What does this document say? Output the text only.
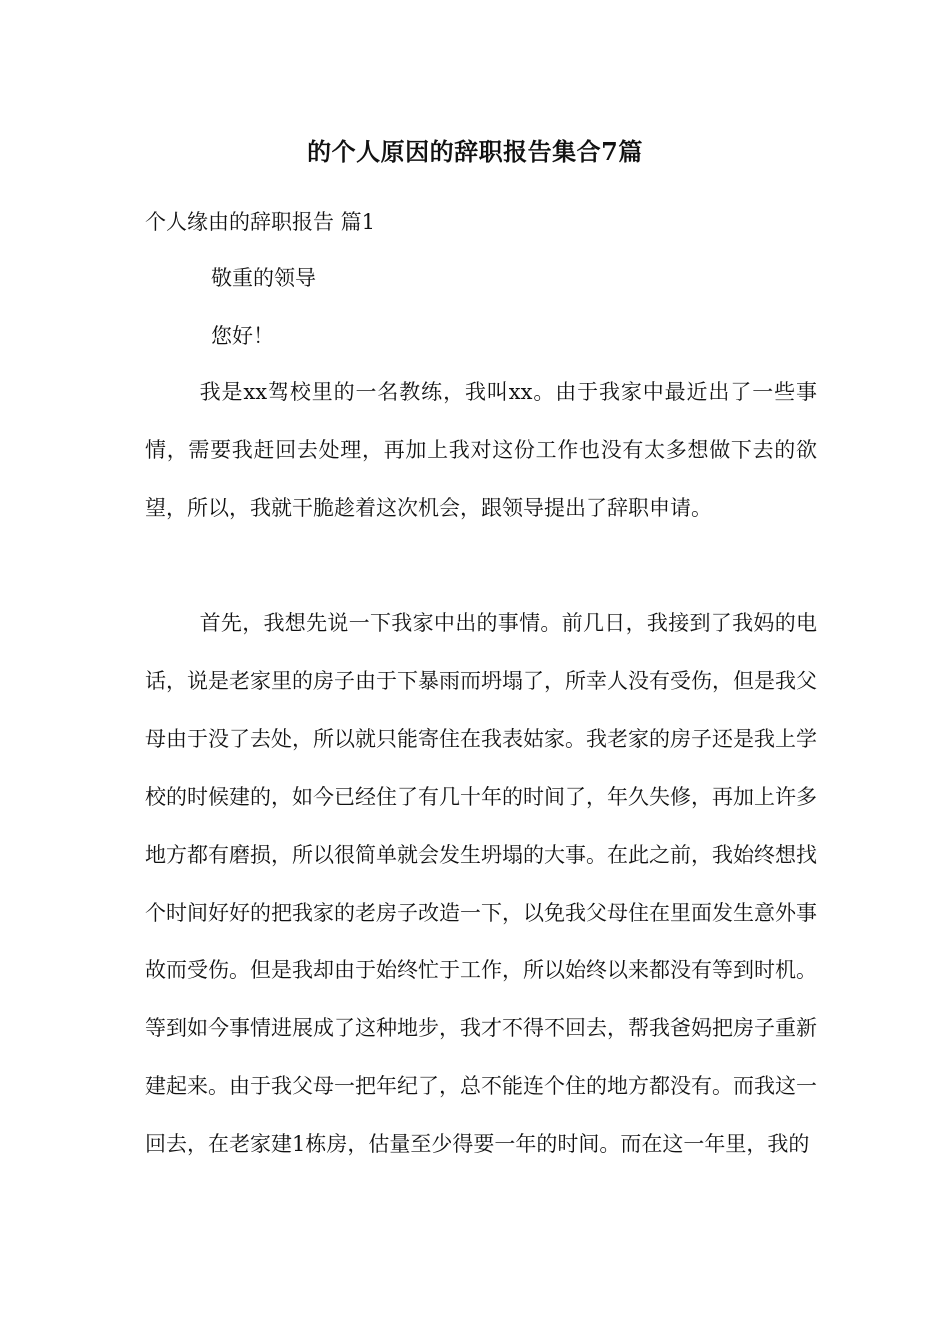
的个人原因的辞职报告集合7篇
个人缘由的辞职报告 篇1
敬重的领导
您好！

我是xx驾校里的一名教练，我叫xx。由于我家中最近出了一些事情，需要我赶回去处理，再加上我对这份工作也没有太多想做下去的欲望，所以，我就干脆趁着这次机会，跟领导提出了辞职申请。

首先，我想先说一下我家中出的事情。前几日，我接到了我妈的电话，说是老家里的房子由于下暴雨而坍塌了，所幸人没有受伤，但是我父母由于没了去处，所以就只能寄住在我表姑家。我老家的房子还是我上学校的时候建的，如今已经住了有几十年的时间了，年久失修，再加上许多地方都有磨损，所以很简单就会发生坍塌的大事。在此之前，我始终想找个时间好好的把我家的老房子改造一下，以免我父母住在里面发生意外事故而受伤。但是我却由于始终忙于工作，所以始终以来都没有等到时机。等到如今事情进展成了这种地步，我才不得不回去，帮我爸妈把房子重新建起来。由于我父母一把年纪了，总不能连个住的地方都没有。而我这一回去，在老家建1栋房，估量至少得要一年的时间。而在这一年里，我的
